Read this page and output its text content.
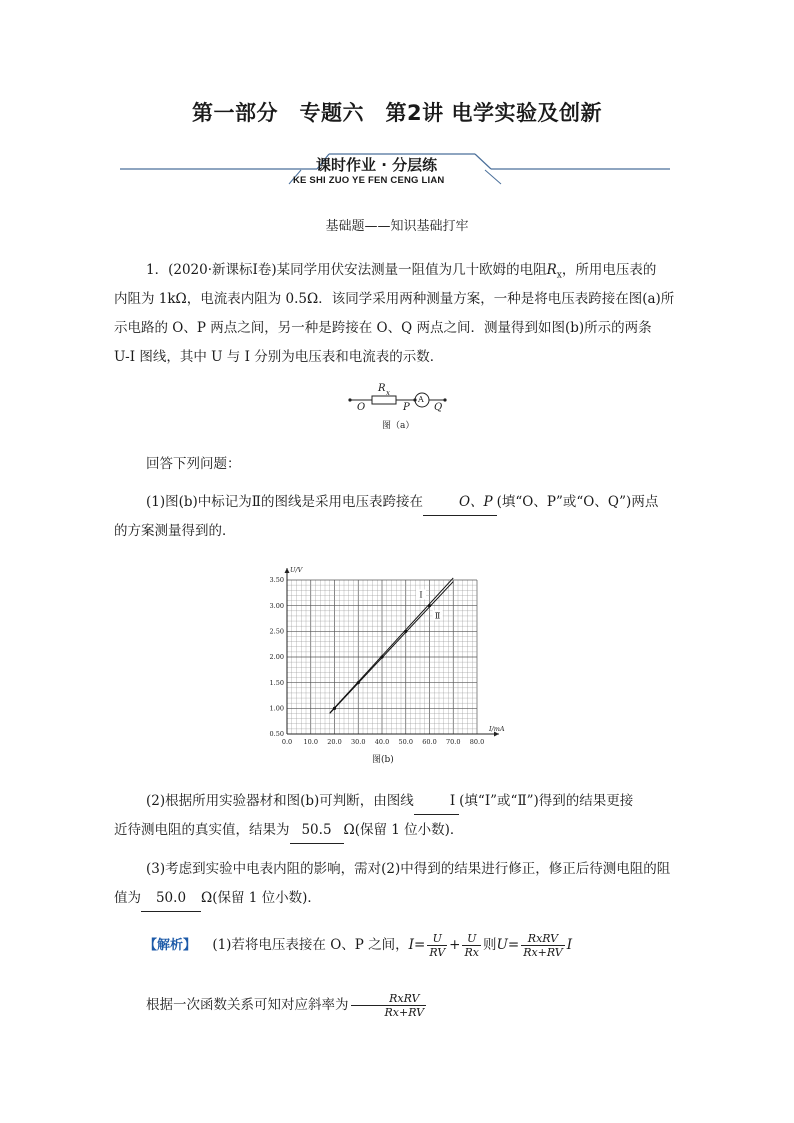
第一部分　专题六　第2讲 电学实验及创新
课时作业 · 分层练
KE SHI ZUO YE FEN CENG LIAN
基础题——知识基础打牢
1．(2020·新课标Ⅰ卷)某同学用伏安法测量一阻值为几十欧姆的电阻$R_x$，所用电压表的
内阻为 1kΩ，电流表内阻为 0.5Ω．该同学采用两种测量方案，一种是将电压表跨接在图(a)所
示电路的 O、P 两点之间，另一种是跨接在 O、Q 两点之间．测量得到如图(b)所示的两条
U-I 图线，其中 U 与 I 分别为电压表和电流表的示数．
R x
A
O	P Q
图（a）
回答下列问题：
(1)图(b)中标记为Ⅱ的图线是采用电压表跨接在	O、P (填“O、P”或“O、Q”)两点
的方案测量得到的．
0.0 10.0 20.0 30.0 40.0 50.0 60.0 70.0 80.0
0.50
1.00
1.50
2.00
2.50
3.00
3.50
Ⅰ
Ⅱ
U/V
I/mA
图(b)
(2)根据所用实验器材和图(b)可判断，由图线	Ⅰ (填“Ⅰ”或“Ⅱ”)得到的结果更接
近待测电阻的真实值，结果为 50.5 Ω(保留 1 位小数)．
(3)考虑到实验中电表内阻的影响，需对(2)中得到的结果进行修正，修正后待测电阻的阻
值为 50.0 Ω(保留 1 位小数)．
【解析】 (1)若将电压表接在 O、P 之间，$I= \frac{U}{RV} + \frac{U}{Rx}$ 则$U= \frac{\text{RxRV}}{Rx+RV}$ I
根据一次函数关系可知对应斜率为 $\frac{\text{RxRV}}{Rx+RV}$
